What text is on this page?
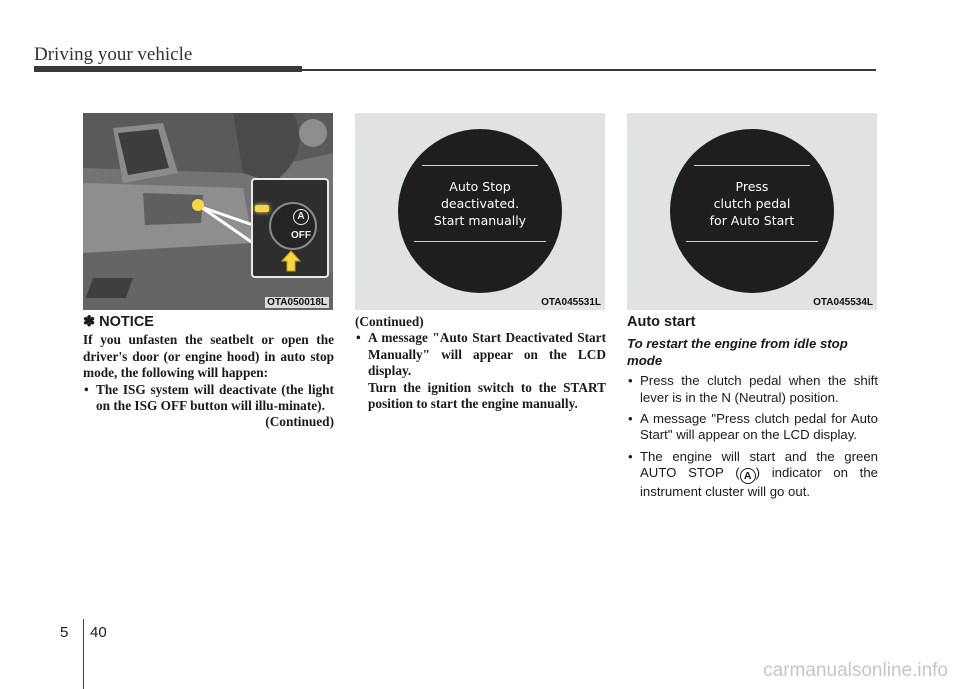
Driving your vehicle
A
OFF
OTA050018L
Auto Stop
deactivated.
Start manually
OTA045531L
Press
clutch pedal
for Auto Start
OTA045534L
✽ NOTICE
If you unfasten the seatbelt or open the driver's door (or engine hood) in auto stop mode, the following will happen:
• The ISG system will deactivate (the light on the ISG OFF button will illu-minate).
(Continued)
(Continued)
• A message "Auto Start Deactivated Start Manually" will appear on the LCD display.
Turn the ignition switch to the START position to start the engine manually.
Auto start
To restart the engine from idle stop mode
• Press the clutch pedal when the shift lever is in the N (Neutral) position.
• A message "Press clutch pedal for Auto Start" will appear on the LCD display.
• The engine will start and the green AUTO STOP ( A ) indicator on the instrument cluster will go out.
5 40
carmanualsonline.info
